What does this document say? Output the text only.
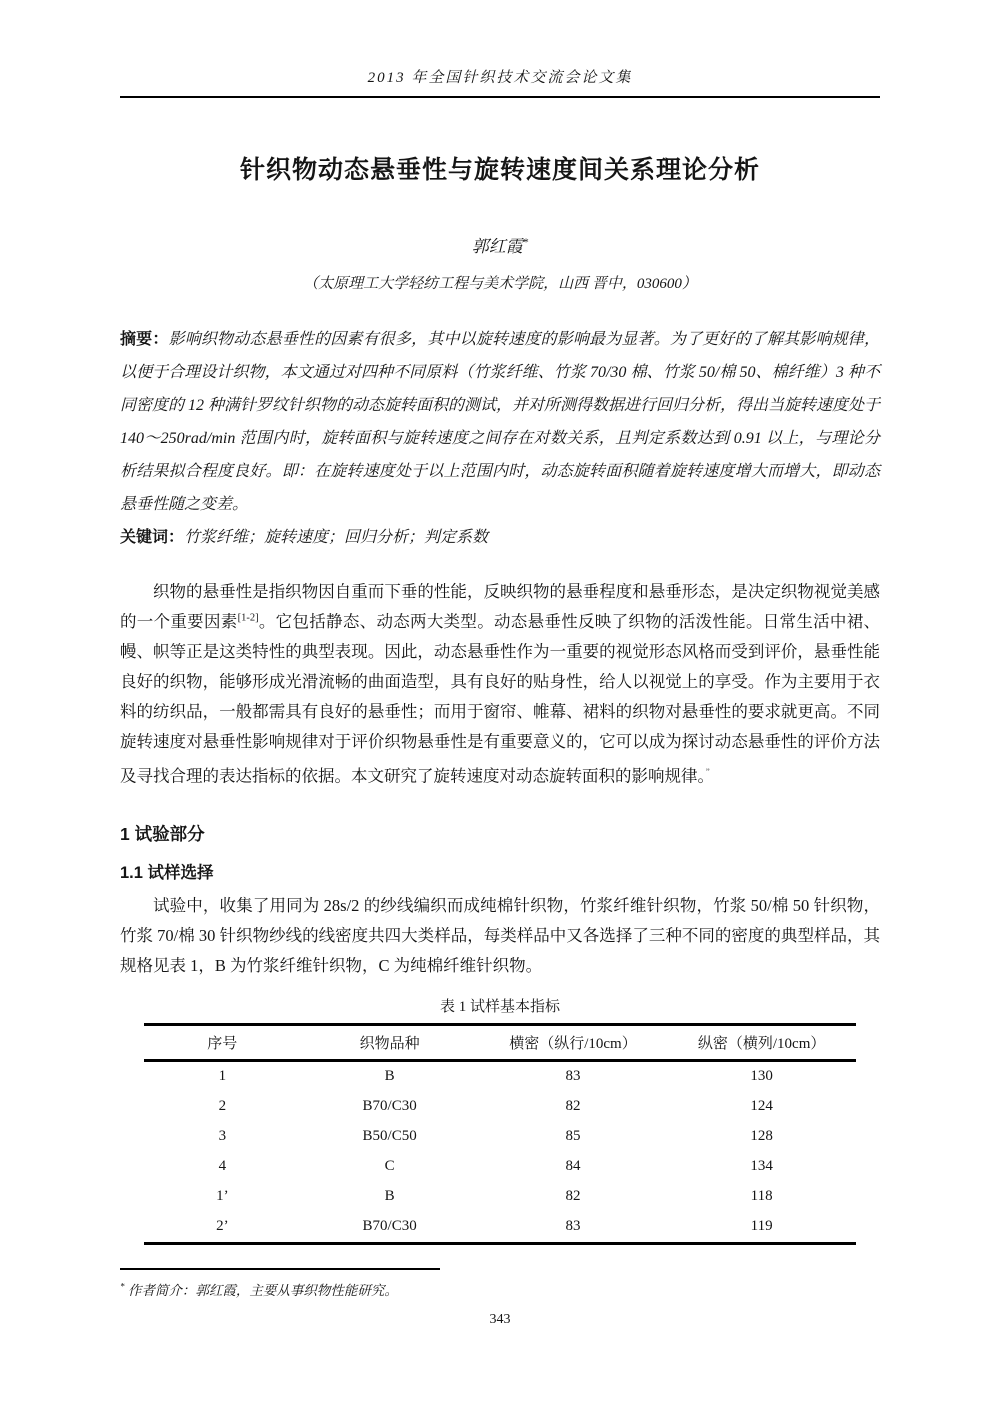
2013 年全国针织技术交流会论文集
针织物动态悬垂性与旋转速度间关系理论分析
郭红霞*
（太原理工大学轻纺工程与美术学院，山西 晋中，030600）
摘要：影响织物动态悬垂性的因素有很多，其中以旋转速度的影响最为显著。为了更好的了解其影响规律，以便于合理设计织物，本文通过对四种不同原料（竹浆纤维、竹浆 70/30 棉、竹浆 50/棉 50、棉纤维）3 种不同密度的 12 种满针罗纹针织物的动态旋转面积的测试，并对所测得数据进行回归分析，得出当旋转速度处于 140～250rad/min 范围内时，旋转面积与旋转速度之间存在对数关系，且判定系数达到 0.91 以上，与理论分析结果拟合程度良好。即：在旋转速度处于以上范围内时，动态旋转面积随着旋转速度增大而增大，即动态悬垂性随之变差。
关键词：竹浆纤维；旋转速度；回归分析；判定系数

织物的悬垂性是指织物因自重而下垂的性能，反映织物的悬垂程度和悬垂形态，是决定织物视觉美感的一个重要因素[1-2]。它包括静态、动态两大类型。动态悬垂性反映了织物的活泼性能。日常生活中裙、幔、帜等正是这类特性的典型表现。因此，动态悬垂性作为一重要的视觉形态风格而受到评价，悬垂性能良好的织物，能够形成光滑流畅的曲面造型，具有良好的贴身性，给人以视觉上的享受。作为主要用于衣料的纺织品，一般都需具有良好的悬垂性；而用于窗帘、帷幕、裙料的织物对悬垂性的要求就更高。不同旋转速度对悬垂性影响规律对于评价织物悬垂性是有重要意义的，它可以成为探讨动态悬垂性的评价方法及寻找合理的表达指标的依据。本文研究了旋转速度对动态旋转面积的影响规律。”

1 试验部分
1.1 试样选择

试验中，收集了用同为 28s/2 的纱线编织而成纯棉针织物，竹浆纤维针织物，竹浆 50/棉 50 针织物，竹浆 70/棉 30 针织物纱线的线密度共四大类样品，每类样品中又各选择了三种不同的密度的典型样品，其规格见表 1，B 为竹浆纤维针织物，C 为纯棉纤维针织物。

表 1 试样基本指标
序号	织物品种	横密（纵行/10cm）	纵密（横列/10cm）
1	B	83	130
2	B70/C30	82	124
3	B50/C50	85	128
4	C	84	134
1’	B	82	118
2’	B70/C30	83	119
* 作者简介：郭红霞，主要从事织物性能研究。
343
